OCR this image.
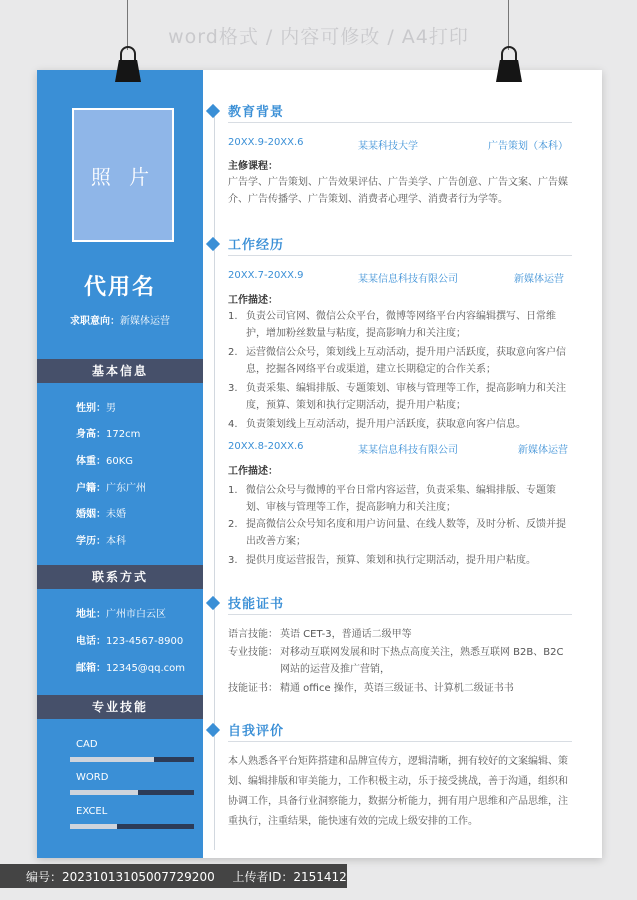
word格式 / 内容可修改 / A4打印
照 片
代用名
求职意向：新媒体运营
基本信息
性别：男
身高：172cm
体重：60KG
户籍：广东广州
婚姻：未婚
学历：本科
联系方式
地址：广州市白云区
电话：123-4567-8900
邮箱：12345@qq.com
专业技能
CAD
WORD
EXCEL
教育背景
20XX.9-20XX.6	某某科技大学	广告策划（本科）
主修课程：
广告学、广告策划、广告效果评估、广告美学、广告创意、广告文案、广告媒介、广告传播学、广告策划、消费者心理学、消费者行为学等。
工作经历
20XX.7-20XX.9	某某信息科技有限公司	新媒体运营
工作描述：
1. 负责公司官网、微信公众平台，微博等网络平台内容编辑撰写、日常维护，增加粉丝数量与粘度，提高影响力和关注度；
2. 运营微信公众号，策划线上互动活动，提升用户活跃度，获取意向客户信息，挖掘各网络平台或渠道，建立长期稳定的合作关系；
3. 负责采集、编辑排版、专题策划、审核与管理等工作，提高影响力和关注度，预算、策划和执行定期活动，提升用户粘度；
4. 负责策划线上互动活动，提升用户活跃度，获取意向客户信息。
20XX.8-20XX.6	某某信息科技有限公司	新媒体运营
工作描述：
1. 微信公众号与微博的平台日常内容运营，负责采集、编辑排版、专题策划、审核与管理等工作，提高影响力和关注度；
2. 提高微信公众号知名度和用户访问量、在线人数等，及时分析、反馈并提出改善方案；
3. 提供月度运营报告，预算、策划和执行定期活动，提升用户粘度。
技能证书
语言技能： 英语 CET-3，普通话二级甲等
专业技能： 对移动互联网发展和时下热点高度关注，熟悉互联网 B2B、B2C 网站的运营及推广营销，
技能证书： 精通 office 操作，英语三级证书、计算机二级证书书
自我评价
本人熟悉各平台矩阵搭建和品牌宣传方，逻辑清晰，拥有较好的文案编辑、策划、编辑排版和审美能力，工作积极主动，乐于接受挑战，善于沟通，组织和协调工作，具备行业洞察能力，数据分析能力，拥有用户思维和产品思维，注重执行，注重结果，能快速有效的完成上级安排的工作。
编号：20231013105007729200 上传者ID：2151412
